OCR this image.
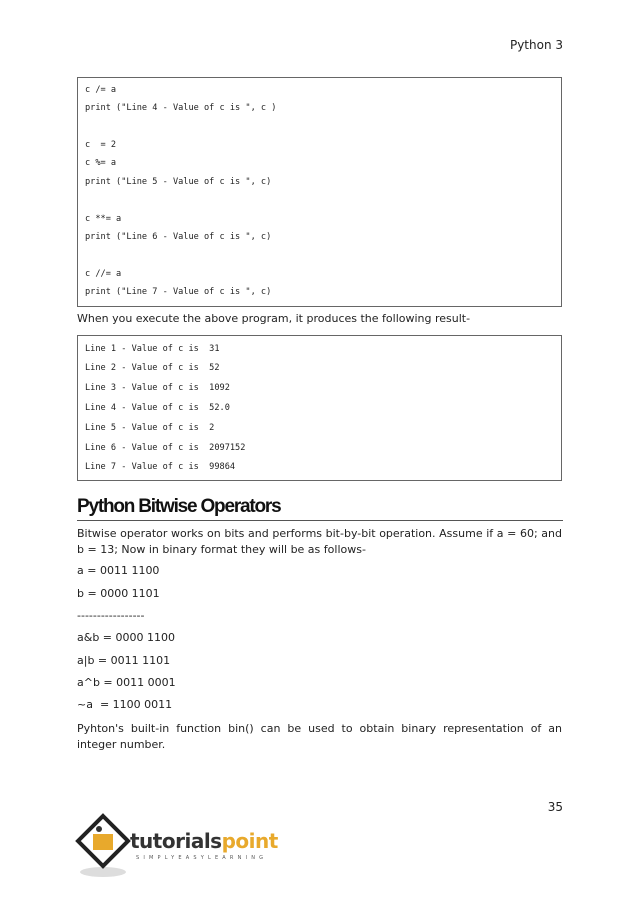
Python 3
c /= a
print ("Line 4 - Value of c is ", c )
c  = 2
c %= a
print ("Line 5 - Value of c is ", c)
c **= a
print ("Line 6 - Value of c is ", c)
c //= a
print ("Line 7 - Value of c is ", c)
When you execute the above program, it produces the following result-
Line 1 - Value of c is  31
Line 2 - Value of c is  52
Line 3 - Value of c is  1092
Line 4 - Value of c is  52.0
Line 5 - Value of c is  2
Line 6 - Value of c is  2097152
Line 7 - Value of c is  99864
Python Bitwise Operators
Bitwise operator works on bits and performs bit-by-bit operation. Assume if a = 60; and b = 13; Now in binary format they will be as follows-
a = 0011 1100
b = 0000 1101
-----------------
a&b = 0000 1100
a|b = 0011 1101
a^b = 0011 0001
~a  = 1100 0011
Pyhton's built-in function bin() can be used to obtain binary representation of an integer number.
35
tutorialspoint
SIMPLYEASYLEARNING
